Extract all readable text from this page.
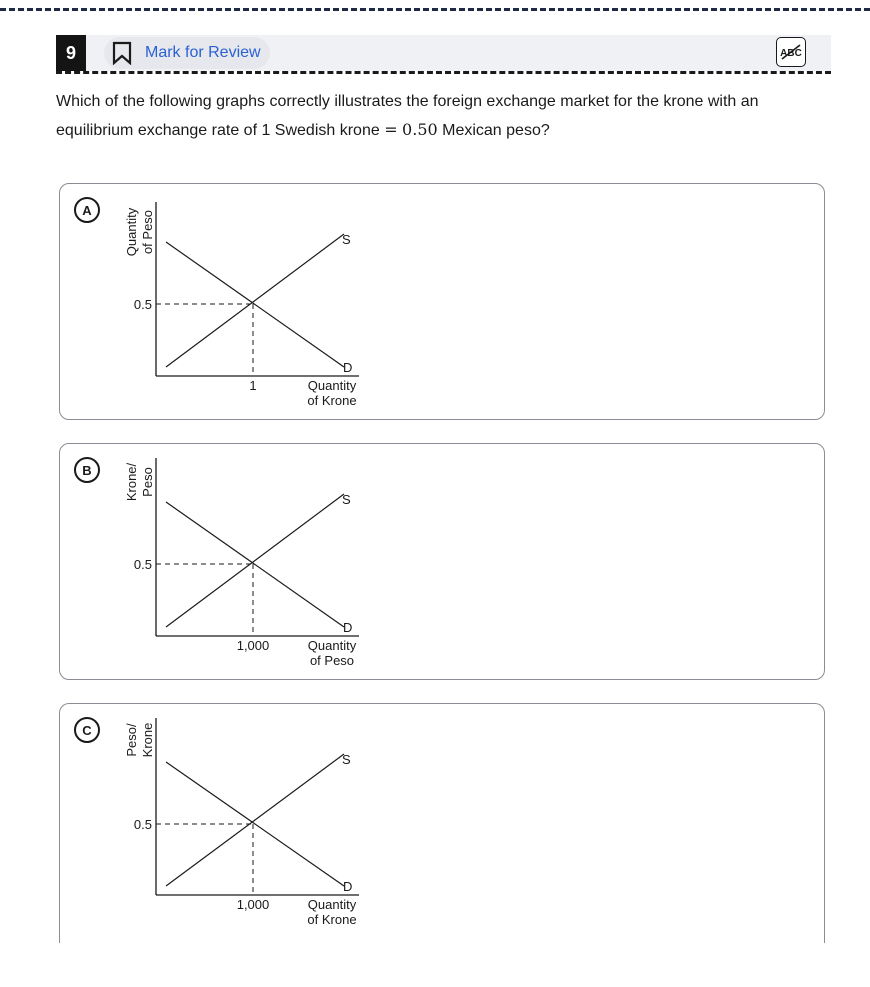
9	Mark for Review	ABC
Which of the following graphs correctly illustrates the foreign exchange market for the krone with an equilibrium exchange rate of 1 Swedish krone = 0.50 Mexican peso?
A	Quantity of Peso
0.5
1	Quantity
of Krone
S
D
B	Krone/ Peso
0.5
1,000	Quantity
of Peso
S
D
C	Peso/ Krone
0.5
1,000	Quantity
of Krone
S
D
